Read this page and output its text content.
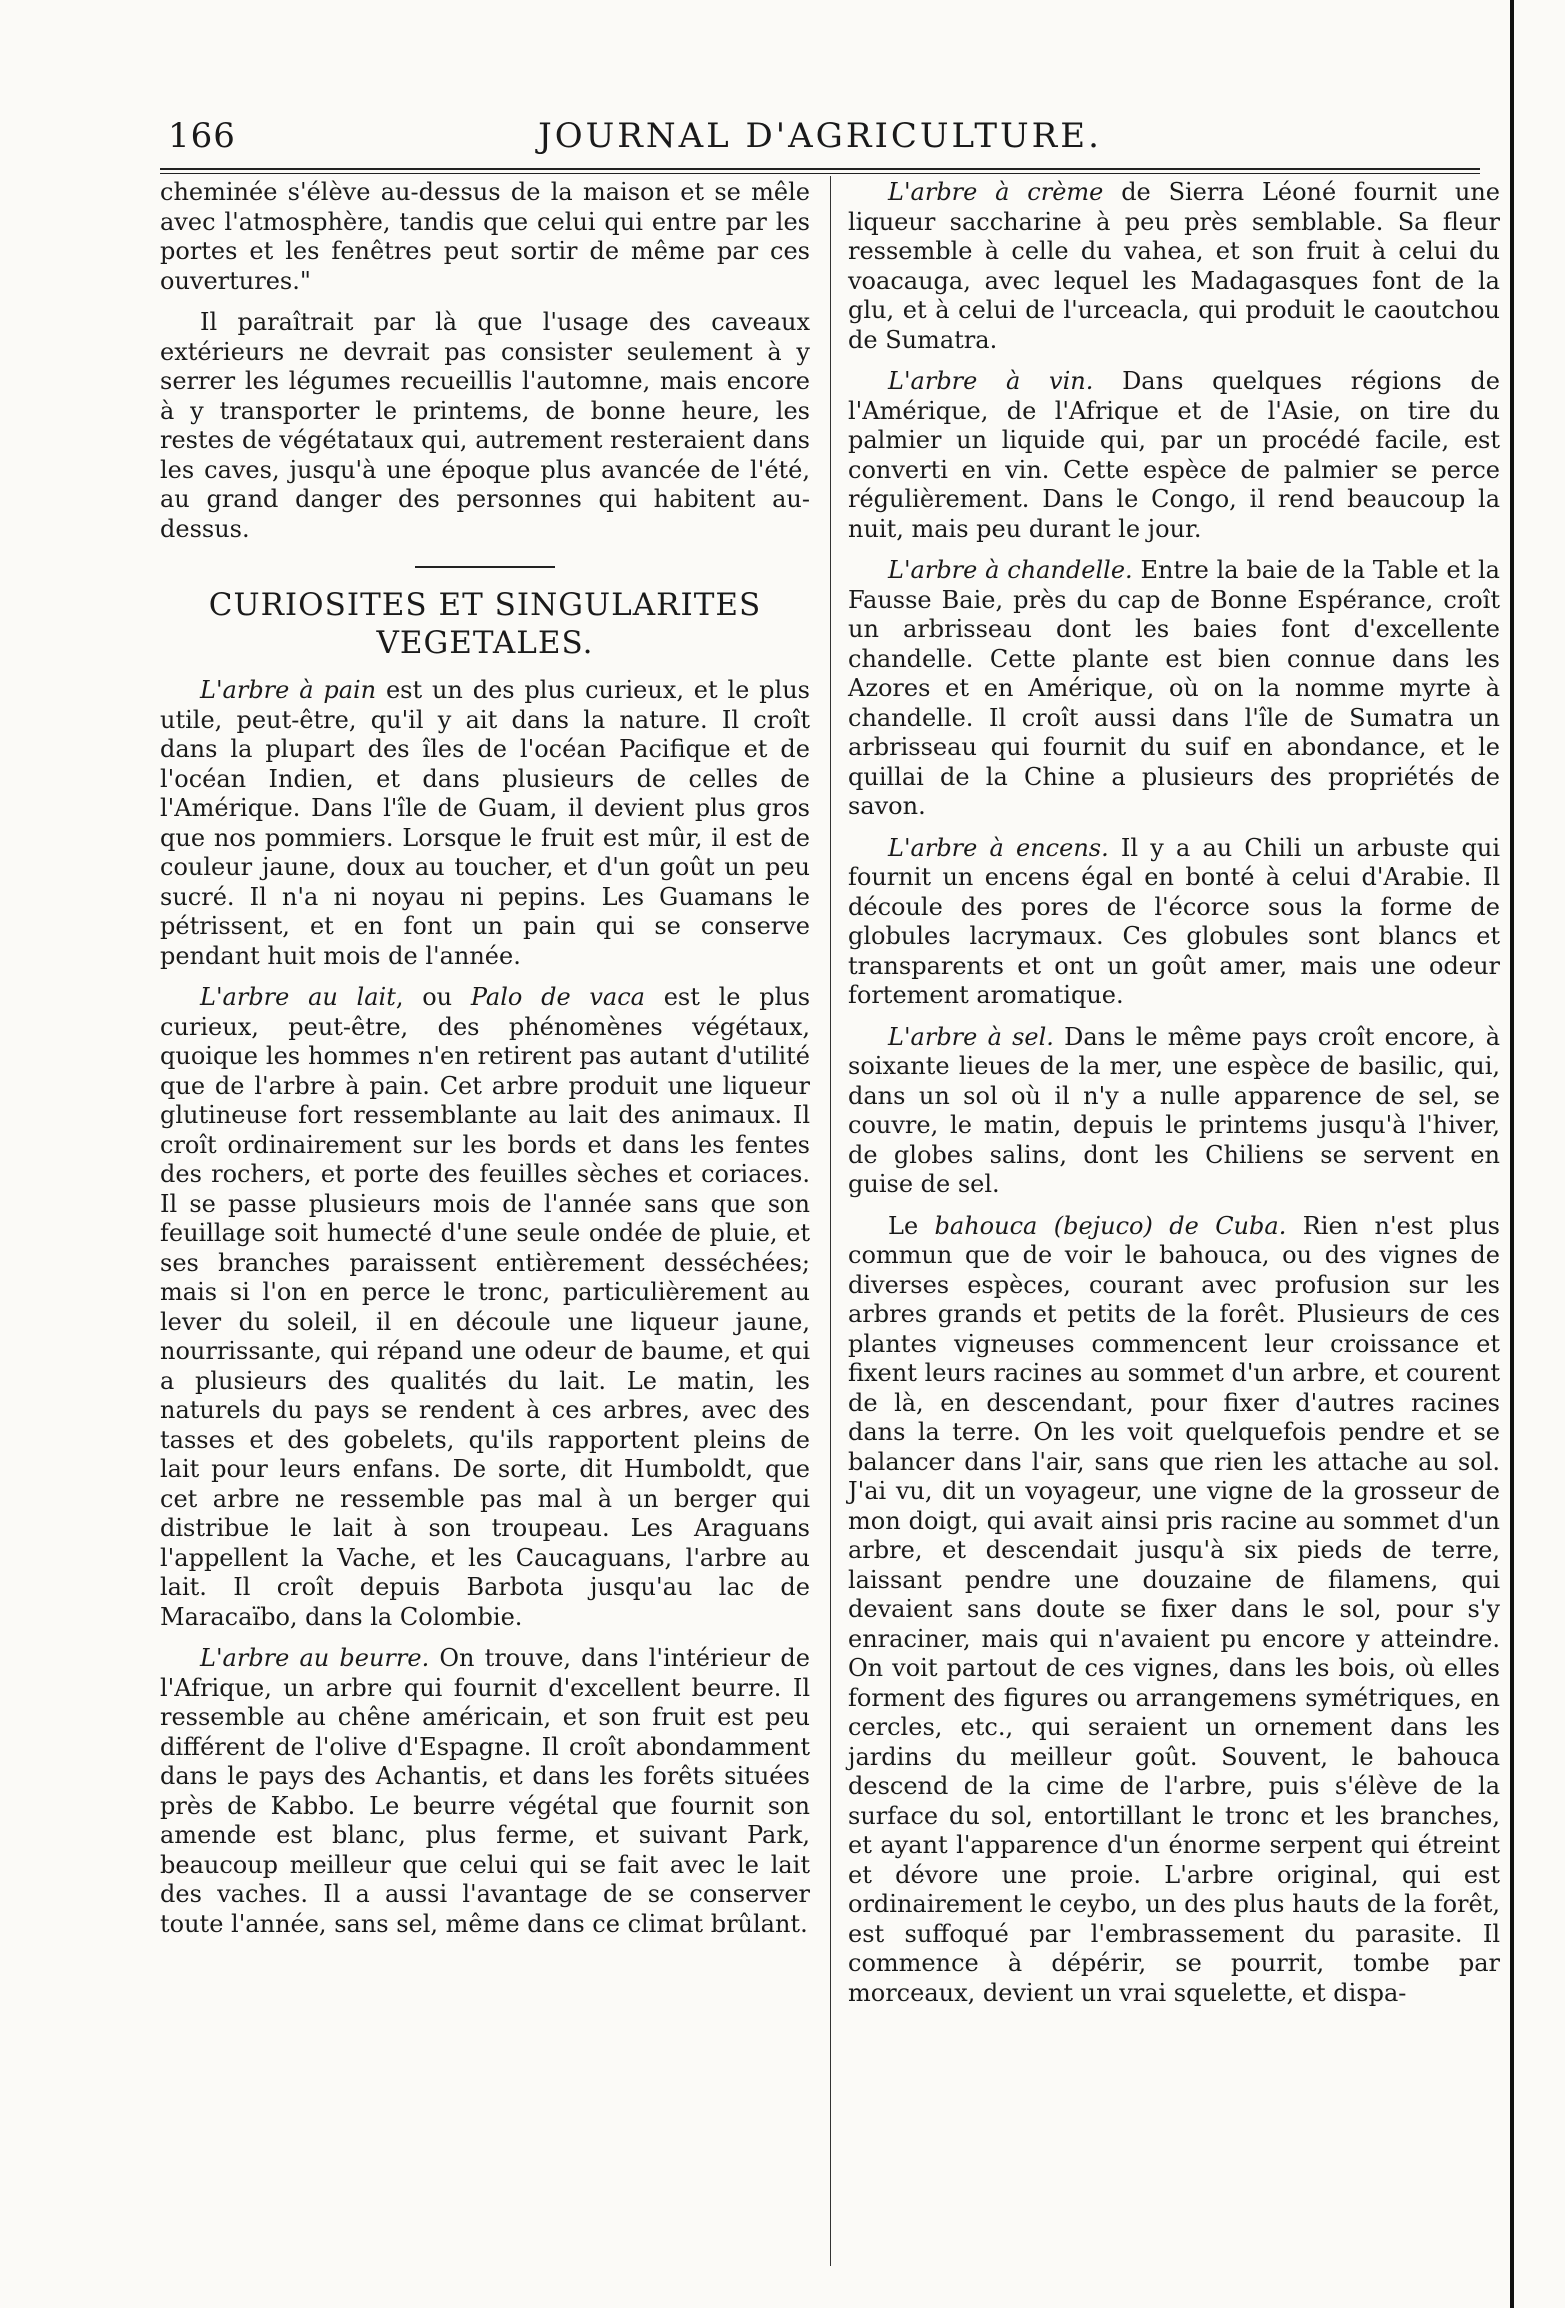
166	JOURNAL D'AGRICULTURE.

cheminée s'élève au-dessus de la maison et se mêle avec l'atmosphère, tandis que celui qui entre par les portes et les fenêtres peut sortir de même par ces ouvertures."

Il paraîtrait par là que l'usage des caveaux extérieurs ne devrait pas consister seulement à y serrer les légumes recueillis l'automne, mais encore à y transporter le printems, de bonne heure, les restes de végétataux qui, autrement resteraient dans les caves, jusqu'à une époque plus avancée de l'été, au grand danger des personnes qui habitent au-dessus.

CURIOSITES ET SINGULARITES
VEGETALES.

L'arbre à pain est un des plus curieux, et le plus utile, peut-être, qu'il y ait dans la nature. Il croît dans la plupart des îles de l'océan Pacifique et de l'océan Indien, et dans plusieurs de celles de l'Amérique. Dans l'île de Guam, il devient plus gros que nos pommiers. Lorsque le fruit est mûr, il est de couleur jaune, doux au toucher, et d'un goût un peu sucré. Il n'a ni noyau ni pepins. Les Guamans le pétrissent, et en font un pain qui se conserve pendant huit mois de l'année.

L'arbre au lait, ou Palo de vaca est le plus curieux, peut-être, des phénomènes végétaux, quoique les hommes n'en retirent pas autant d'utilité que de l'arbre à pain. Cet arbre produit une liqueur glutineuse fort ressemblante au lait des animaux. Il croît ordinairement sur les bords et dans les fentes des rochers, et porte des feuilles sèches et coriaces. Il se passe plusieurs mois de l'année sans que son feuillage soit humecté d'une seule ondée de pluie, et ses branches paraissent entièrement desséchées; mais si l'on en perce le tronc, particulièrement au lever du soleil, il en découle une liqueur jaune, nourrissante, qui répand une odeur de baume, et qui a plusieurs des qualités du lait. Le matin, les naturels du pays se rendent à ces arbres, avec des tasses et des gobelets, qu'ils rapportent pleins de lait pour leurs enfans. De sorte, dit Humboldt, que cet arbre ne ressemble pas mal à un berger qui distribue le lait à son troupeau. Les Araguans l'appellent la Vache, et les Caucaguans, l'arbre au lait. Il croît depuis Barbota jusqu'au lac de Maracaïbo, dans la Colombie.

L'arbre au beurre. On trouve, dans l'intérieur de l'Afrique, un arbre qui fournit d'excellent beurre. Il ressemble au chêne américain, et son fruit est peu différent de l'olive d'Espagne. Il croît abondamment dans le pays des Achantis, et dans les forêts situées près de Kabbo. Le beurre végétal que fournit son amende est blanc, plus ferme, et suivant Park, beaucoup meilleur que celui qui se fait avec le lait des vaches. Il a aussi l'avantage de se conserver toute l'année, sans sel, même dans ce climat brûlant.

L'arbre à crème de Sierra Léoné fournit une liqueur saccharine à peu près semblable. Sa fleur ressemble à celle du vahea, et son fruit à celui du voacauga, avec lequel les Madagasques font de la glu, et à celui de l'urceacla, qui produit le caoutchou de Sumatra.

L'arbre à vin. Dans quelques régions de l'Amérique, de l'Afrique et de l'Asie, on tire du palmier un liquide qui, par un procédé facile, est converti en vin. Cette espèce de palmier se perce régulièrement. Dans le Congo, il rend beaucoup la nuit, mais peu durant le jour.

L'arbre à chandelle. Entre la baie de la Table et la Fausse Baie, près du cap de Bonne Espérance, croît un arbrisseau dont les baies font d'excellente chandelle. Cette plante est bien connue dans les Azores et en Amérique, où on la nomme myrte à chandelle. Il croît aussi dans l'île de Sumatra un arbrisseau qui fournit du suif en abondance, et le quillai de la Chine a plusieurs des propriétés de savon.

L'arbre à encens. Il y a au Chili un arbuste qui fournit un encens égal en bonté à celui d'Arabie. Il découle des pores de l'écorce sous la forme de globules lacrymaux. Ces globules sont blancs et transparents et ont un goût amer, mais une odeur fortement aromatique.

L'arbre à sel. Dans le même pays croît encore, à soixante lieues de la mer, une espèce de basilic, qui, dans un sol où il n'y a nulle apparence de sel, se couvre, le matin, depuis le printems jusqu'à l'hiver, de globes salins, dont les Chiliens se servent en guise de sel.

Le bahouca (bejuco) de Cuba. Rien n'est plus commun que de voir le bahouca, ou des vignes de diverses espèces, courant avec profusion sur les arbres grands et petits de la forêt. Plusieurs de ces plantes vigneuses commencent leur croissance et fixent leurs racines au sommet d'un arbre, et courent de là, en descendant, pour fixer d'autres racines dans la terre. On les voit quelquefois pendre et se balancer dans l'air, sans que rien les attache au sol. J'ai vu, dit un voyageur, une vigne de la grosseur de mon doigt, qui avait ainsi pris racine au sommet d'un arbre, et descendait jusqu'à six pieds de terre, laissant pendre une douzaine de filamens, qui devaient sans doute se fixer dans le sol, pour s'y enraciner, mais qui n'avaient pu encore y atteindre. On voit partout de ces vignes, dans les bois, où elles forment des figures ou arrangemens symétriques, en cercles, etc., qui seraient un ornement dans les jardins du meilleur goût. Souvent, le bahouca descend de la cime de l'arbre, puis s'élève de la surface du sol, entortillant le tronc et les branches, et ayant l'apparence d'un énorme serpent qui étreint et dévore une proie. L'arbre original, qui est ordinairement le ceybo, un des plus hauts de la forêt, est suffoqué par l'embrassement du parasite. Il commence à dépérir, se pourrit, tombe par morceaux, devient un vrai squelette, et dispa-
